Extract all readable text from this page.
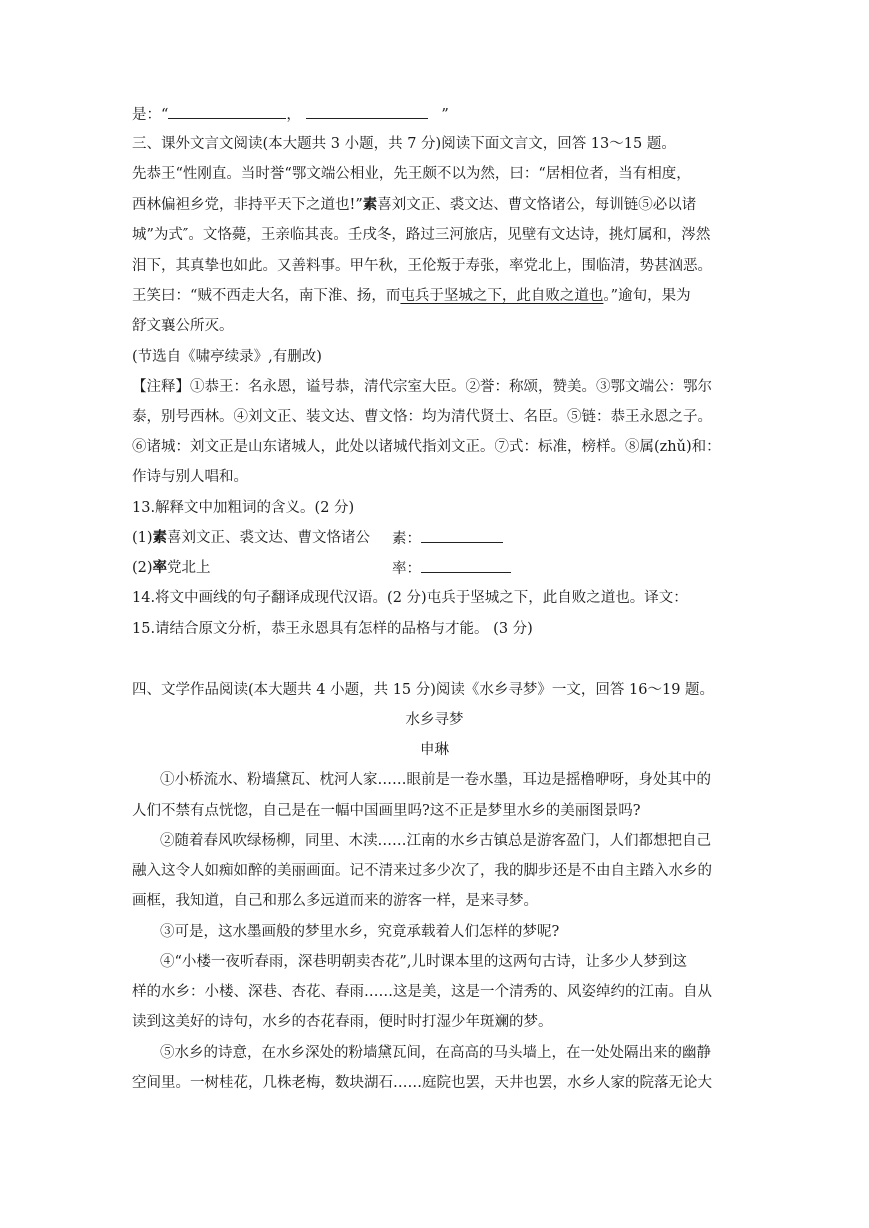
是：“	，	”
三、课外文言文阅读(本大题共 3 小题，共 7 分)阅读下面文言文，回答 13～15 题。
先恭王“性刚直。当时誉“鄂文端公相业，先王颇不以为然，曰：“居相位者，当有相度，
西林偏袒乡党，非持平天下之道也!”素喜刘文正、裘文达、曹文恪诸公，每训链⑤必以诸
城”为式″。文恪薨，王亲临其丧。壬戌冬，路过三河旅店，见壁有文达诗，挑灯属和，涔然
泪下，其真挚也如此。又善料事。甲午秋，王伦叛于寿张，率党北上，围临清，势甚汹恶。
王笑曰：“贼不西走大名，南下淮、扬，而屯兵于坚城之下，此自败之道也。”逾旬，果为
舒文襄公所灭。
(节选自《啸亭续录》,有删改)
【注释】①恭王：名永恩，谥号恭，清代宗室大臣。②誉：称颂，赞美。③鄂文端公：鄂尔
泰，别号西林。④刘文正、装文达、曹文恪：均为清代贤士、名臣。⑤链：恭王永恩之子。
⑥诸城：刘文正是山东诸城人，此处以诸城代指刘文正。⑦式：标准，榜样。⑧属(zhǔ)和：
作诗与别人唱和。
13.解释文中加粗词的含义。(2 分)
(1)素喜刘文正、裘文达、曹文恪诸公 素：
(2)率党北上	率：
14.将文中画线的句子翻译成现代汉语。(2 分)屯兵于坚城之下，此自败之道也。译文：
15.请结合原文分析，恭王永恩具有怎样的品格与才能。 (3 分)
四、文学作品阅读(本大题共 4 小题，共 15 分)阅读《水乡寻梦》一文，回答 16～19 题。
水乡寻梦
申琳
①小桥流水、粉墙黛瓦、枕河人家……眼前是一卷水墨，耳边是摇橹咿呀，身处其中的
人们不禁有点恍惚，自己是在一幅中国画里吗?这不正是梦里水乡的美丽图景吗?
②随着春风吹绿杨柳，同里、木渎……江南的水乡古镇总是游客盈门，人们都想把自己
融入这令人如痴如醉的美丽画面。记不清来过多少次了，我的脚步还是不由自主踏入水乡的
画框，我知道，自己和那么多远道而来的游客一样，是来寻梦。
③可是，这水墨画般的梦里水乡，究竟承载着人们怎样的梦呢?
④“小楼一夜听春雨，深巷明朝卖杏花”,儿时课本里的这两句古诗，让多少人梦到这
样的水乡：小楼、深巷、杏花、春雨……这是美，这是一个清秀的、风姿绰约的江南。自从
读到这美好的诗句，水乡的杏花春雨，便时时打湿少年斑斓的梦。
⑤水乡的诗意，在水乡深处的粉墙黛瓦间，在高高的马头墙上，在一处处隔出来的幽静
空间里。一树桂花，几株老梅，数块湖石……庭院也罢，天井也罢，水乡人家的院落无论大
